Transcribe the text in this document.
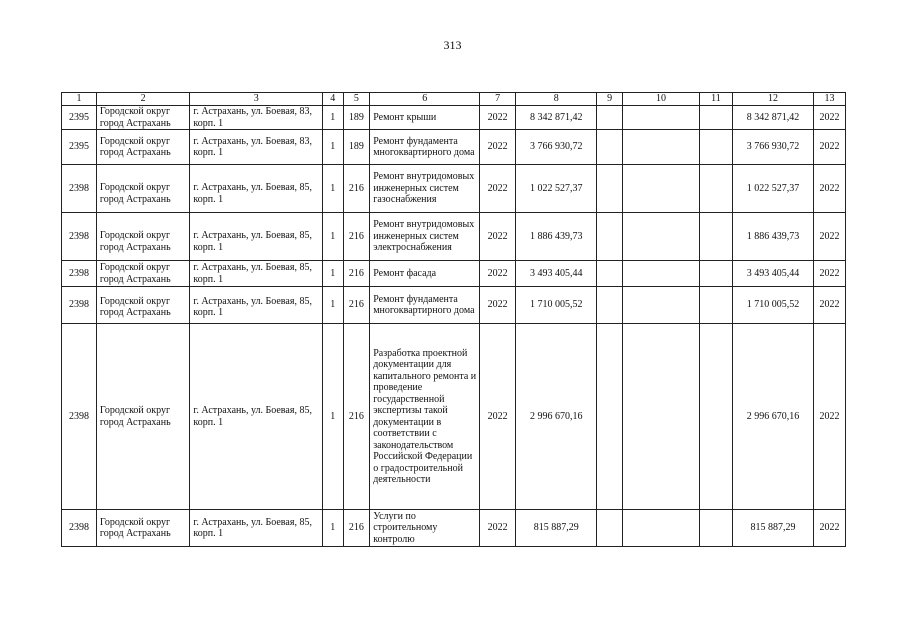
313
1	2	3	4	5	6	7	8	9	10	11	12	13
2395	Городской округ город Астрахань	г. Астрахань, ул. Боевая, 83, корп. 1	1	189	Ремонт крыши	2022	8 342 871,42				8 342 871,42	2022
2395	Городской округ город Астрахань	г. Астрахань, ул. Боевая, 83, корп. 1	1	189	Ремонт фундамента многоквартирного дома	2022	3 766 930,72				3 766 930,72	2022
2398	Городской округ город Астрахань	г. Астрахань, ул. Боевая, 85, корп. 1	1	216	Ремонт внутридомовых инженерных систем газоснабжения	2022	1 022 527,37				1 022 527,37	2022
2398	Городской округ город Астрахань	г. Астрахань, ул. Боевая, 85, корп. 1	1	216	Ремонт внутридомовых инженерных систем электроснабжения	2022	1 886 439,73				1 886 439,73	2022
2398	Городской округ город Астрахань	г. Астрахань, ул. Боевая, 85, корп. 1	1	216	Ремонт фасада	2022	3 493 405,44				3 493 405,44	2022
2398	Городской округ город Астрахань	г. Астрахань, ул. Боевая, 85, корп. 1	1	216	Ремонт фундамента многоквартирного дома	2022	1 710 005,52				1 710 005,52	2022
2398	Городской округ город Астрахань	г. Астрахань, ул. Боевая, 85, корп. 1	1	216	Разработка проектной документации для капитального ремонта и проведение государственной экспертизы такой документации в соответствии с законодательством Российской Федерации о градостроительной деятельности	2022	2 996 670,16				2 996 670,16	2022
2398	Городской округ город Астрахань	г. Астрахань, ул. Боевая, 85, корп. 1	1	216	Услуги по строительному контролю	2022	815 887,29				815 887,29	2022
